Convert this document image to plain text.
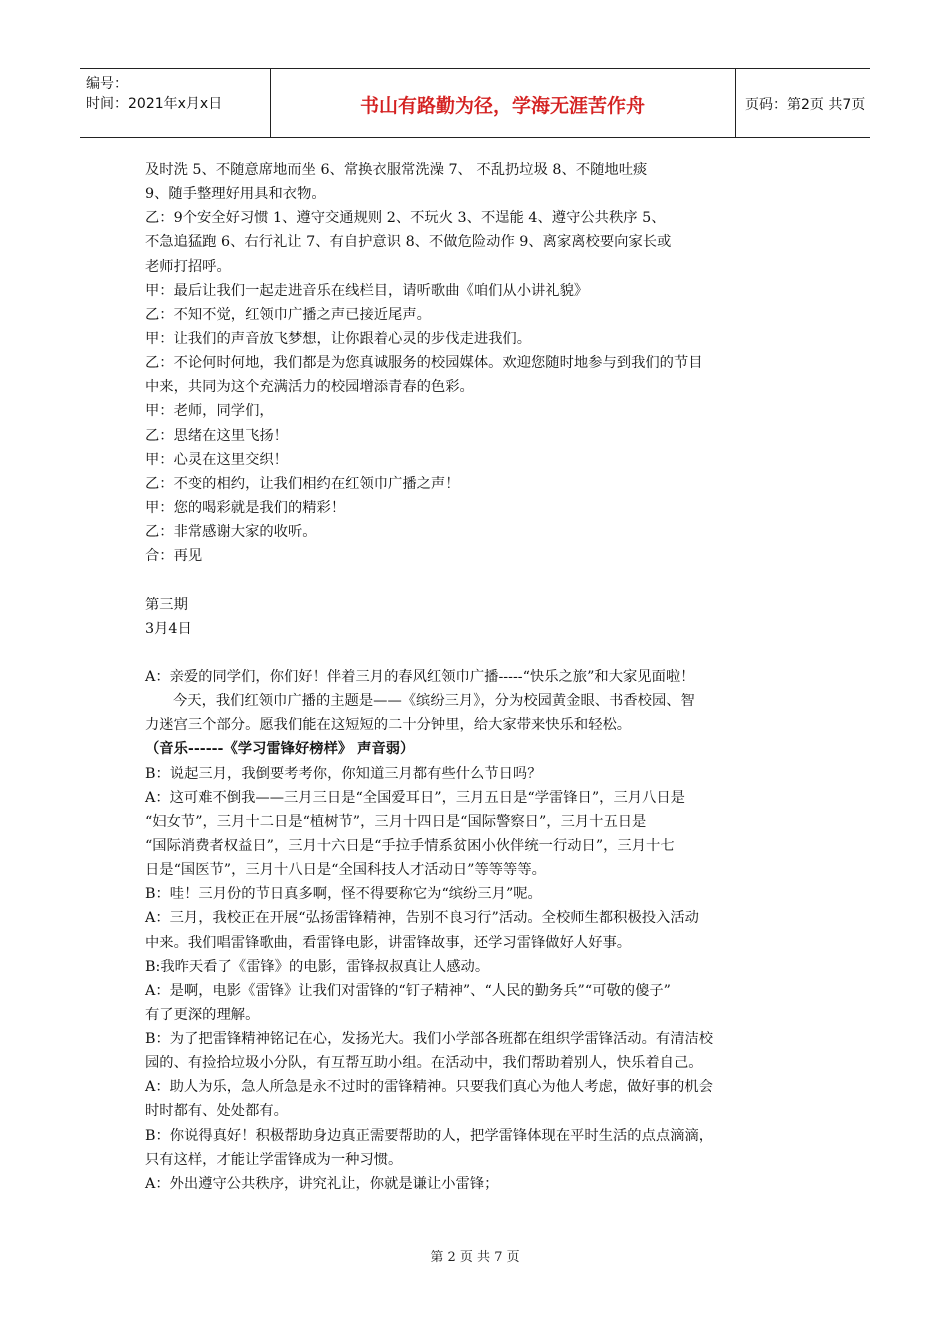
编号：
时间：2021年x月x日	书山有路勤为径，学海无涯苦作舟	页码：第2页 共7页
及时洗 5、不随意席地而坐 6、常换衣服常洗澡 7、 不乱扔垃圾 8、不随地吐痰
9、随手整理好用具和衣物。
乙：9个安全好习惯 1、遵守交通规则 2、不玩火 3、不逞能 4、遵守公共秩序 5、
不急追猛跑 6、右行礼让 7、有自护意识 8、不做危险动作 9、离家离校要向家长或
老师打招呼。
甲：最后让我们一起走进音乐在线栏目，请听歌曲《咱们从小讲礼貌》
乙：不知不觉，红领巾广播之声已接近尾声。
甲：让我们的声音放飞梦想，让你跟着心灵的步伐走进我们。
乙：不论何时何地，我们都是为您真诚服务的校园媒体。欢迎您随时地参与到我们的节目
中来，共同为这个充满活力的校园增添青春的色彩。
甲：老师，同学们，
乙：思绪在这里飞扬！
甲：心灵在这里交织！
乙：不变的相约，让我们相约在红领巾广播之声！
甲：您的喝彩就是我们的精彩！
乙：非常感谢大家的收听。
合：再见
第三期
3月4日
A：亲爱的同学们，你们好！伴着三月的春风红领巾广播-----“快乐之旅”和大家见面啦！
今天，我们红领巾广播的主题是——《缤纷三月》，分为校园黄金眼、书香校园、智
力迷宫三个部分。愿我们能在这短短的二十分钟里，给大家带来快乐和轻松。
（音乐------《学习雷锋好榜样》 声音弱）
B：说起三月，我倒要考考你，你知道三月都有些什么节日吗？
A：这可难不倒我——三月三日是“全国爱耳日”，三月五日是“学雷锋日”，三月八日是
“妇女节”，三月十二日是“植树节”，三月十四日是“国际警察日”，三月十五日是
“国际消费者权益日”，三月十六日是“手拉手情系贫困小伙伴统一行动日”，三月十七
日是“国医节”，三月十八日是“全国科技人才活动日”等等等等。
B：哇！三月份的节日真多啊，怪不得要称它为“缤纷三月”呢。
A：三月，我校正在开展“弘扬雷锋精神，告别不良习行”活动。全校师生都积极投入活动
中来。我们唱雷锋歌曲，看雷锋电影，讲雷锋故事，还学习雷锋做好人好事。
B:我昨天看了《雷锋》的电影，雷锋叔叔真让人感动。
A：是啊，电影《雷锋》让我们对雷锋的“钉子精神”、“人民的勤务兵”“可敬的傻子”
有了更深的理解。
B：为了把雷锋精神铭记在心，发扬光大。我们小学部各班都在组织学雷锋活动。有清洁校
园的、有捡拾垃圾小分队，有互帮互助小组。在活动中，我们帮助着别人，快乐着自己。
A：助人为乐，急人所急是永不过时的雷锋精神。只要我们真心为他人考虑，做好事的机会
时时都有、处处都有。
B：你说得真好！积极帮助身边真正需要帮助的人，把学雷锋体现在平时生活的点点滴滴，
只有这样，才能让学雷锋成为一种习惯。
A：外出遵守公共秩序，讲究礼让，你就是谦让小雷锋；
第 2 页 共 7 页
